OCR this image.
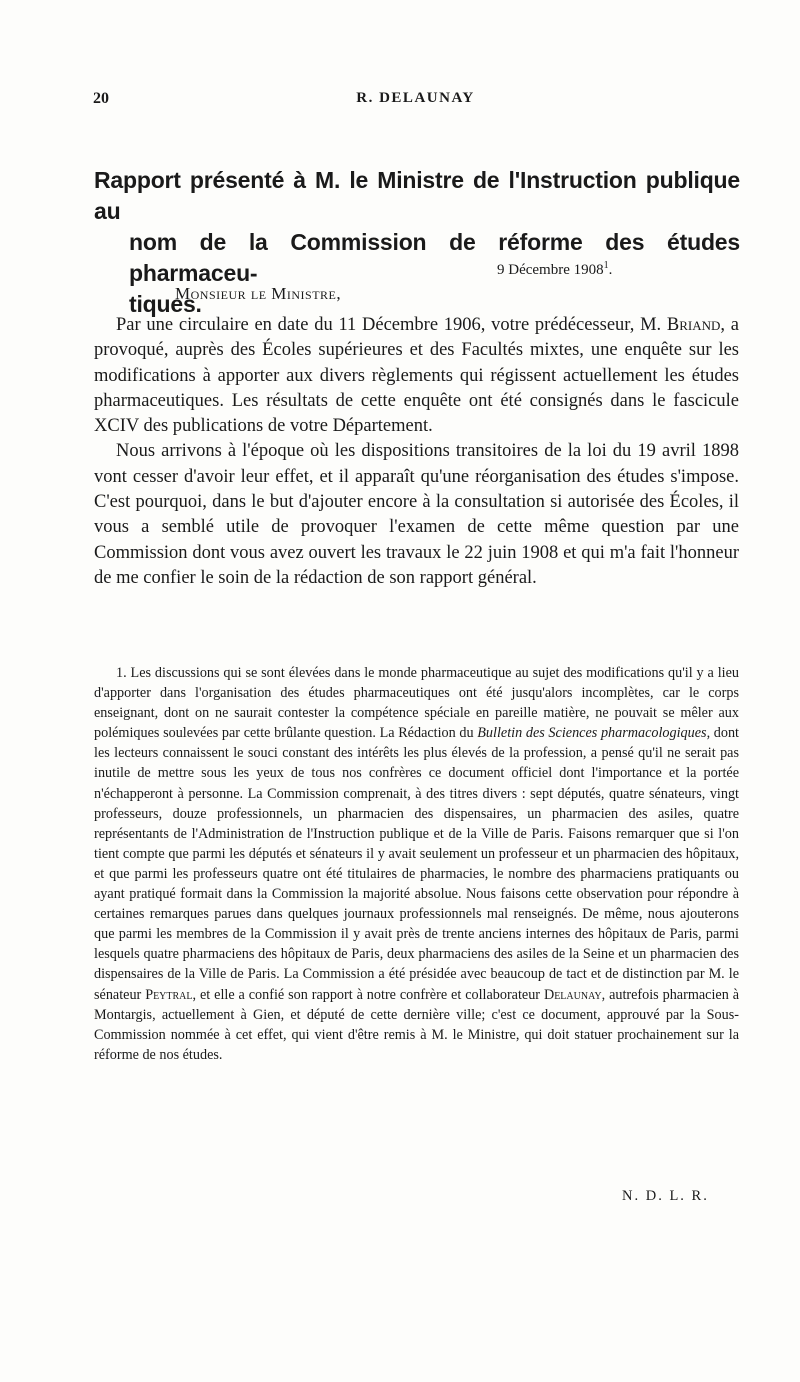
20	R. DELAUNAY
Rapport présenté à M. le Ministre de l'Instruction publique au
nom de la Commission de réforme des études pharmaceu-
tiques.
9 Décembre 1908$^1$.
Monsieur le Ministre,

Par une circulaire en date du 11 Décembre 1906, votre prédécesseur, M. Briand, a provoqué, auprès des Écoles supérieures et des Facultés mixtes, une enquête sur les modifications à apporter aux divers règlements qui régissent actuellement les études pharmaceutiques. Les résultats de cette enquête ont été consignés dans le fascicule XCIV des publications de votre Département.

Nous arrivons à l'époque où les dispositions transitoires de la loi du 19 avril 1898 vont cesser d'avoir leur effet, et il apparaît qu'une réorganisation des études s'impose. C'est pourquoi, dans le but d'ajouter encore à la consultation si autorisée des Écoles, il vous a semblé utile de provoquer l'examen de cette même question par une Commission dont vous avez ouvert les travaux le 22 juin 1908 et qui m'a fait l'honneur de me confier le soin de la rédaction de son rapport général.

1. Les discussions qui se sont élevées dans le monde pharmaceutique au sujet des modifications qu'il y a lieu d'apporter dans l'organisation des études pharmaceutiques ont été jusqu'alors incomplètes, car le corps enseignant, dont on ne saurait contester la compétence spéciale en pareille matière, ne pouvait se mêler aux polémiques soulevées par cette brûlante question. La Rédaction du Bulletin des Sciences pharmacologiques, dont les lecteurs connaissent le souci constant des intérêts les plus élevés de la profession, a pensé qu'il ne serait pas inutile de mettre sous les yeux de tous nos confrères ce document officiel dont l'importance et la portée n'échapperont à personne. La Commission comprenait, à des titres divers : sept députés, quatre sénateurs, vingt professeurs, douze professionnels, un pharmacien des dispensaires, un pharmacien des asiles, quatre représentants de l'Administration de l'Instruction publique et de la Ville de Paris. Faisons remarquer que si l'on tient compte que parmi les députés et sénateurs il y avait seulement un professeur et un pharmacien des hôpitaux, et que parmi les professeurs quatre ont été titulaires de pharmacies, le nombre des pharmaciens pratiquants ou ayant pratiqué formait dans la Commission la majorité absolue. Nous faisons cette observation pour répondre à certaines remarques parues dans quelques journaux professionnels mal renseignés. De même, nous ajouterons que parmi les membres de la Commission il y avait près de trente anciens internes des hôpitaux de Paris, parmi lesquels quatre pharmaciens des hôpitaux de Paris, deux pharmaciens des asiles de la Seine et un pharmacien des dispensaires de la Ville de Paris. La Commission a été présidée avec beaucoup de tact et de distinction par M. le sénateur Peytral, et elle a confié son rapport à notre confrère et collaborateur Delaunay, autrefois pharmacien à Montargis, actuellement à Gien, et député de cette dernière ville; c'est ce document, approuvé par la Sous-Commission nommée à cet effet, qui vient d'être remis à M. le Ministre, qui doit statuer prochainement sur la réforme de nos études.

N. D. L. R.
